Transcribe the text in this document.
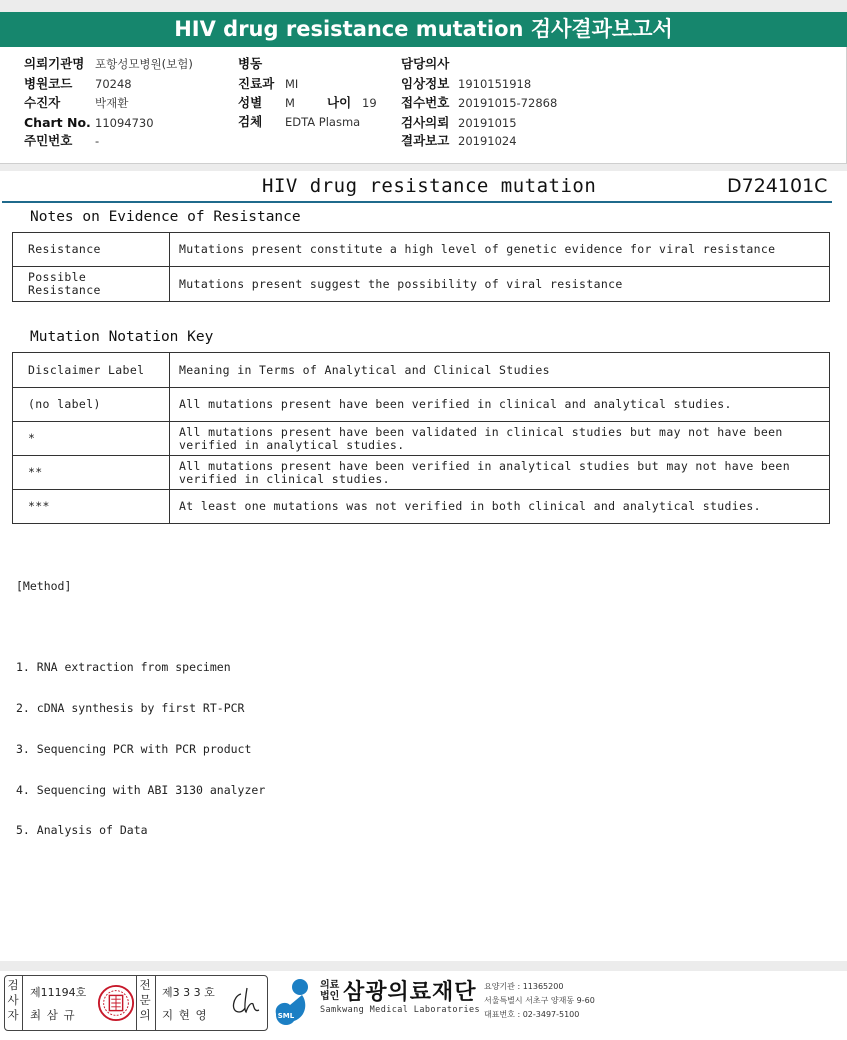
HIV drug resistance mutation 검사결과보고서
의뢰기관명 포항성모병원(보험)
병원코드 70248
수진자	박재환
Chart No. 11094730
주민번호 -
병동
진료과 MI
성별 M	나이 19
검체 EDTA Plasma
담당의사
임상정보 1910151918
접수번호 20191015-72868
검사의뢰 20191015
결과보고 20191024
HIV drug resistance mutation	D724101C
Notes on Evidence of Resistance
Resistance	Mutations present constitute a high level of genetic evidence for viral resistance
Possible Resistance	Mutations present suggest the possibility of viral resistance
Mutation Notation Key
Disclaimer Label	Meaning in Terms of Analytical and Clinical Studies
(no label)	All mutations present have been verified in clinical and analytical studies.
*	All mutations present have been validated in clinical studies but may not have been verified in analytical studies.
**	All mutations present have been verified in analytical studies but may not have been verified in clinical studies.
***	At least one mutations was not verified in both clinical and analytical studies.

[Method]

1. RNA extraction from specimen

2. cDNA synthesis by first RT-PCR

3. Sequencing PCR with PCR product

4. Sequencing with ABI 3130 analyzer

5. Analysis of Data

검
사
자
제11194호
최 삼 규
전
문
의
제3 3 3 호
지 현 영	SML
의료
법인 삼광의료재단
Samkwang Medical Laboratories
요양기관 : 11365200
서울특별시 서초구 양재동 9-60
대표번호 : 02-3497-5100
